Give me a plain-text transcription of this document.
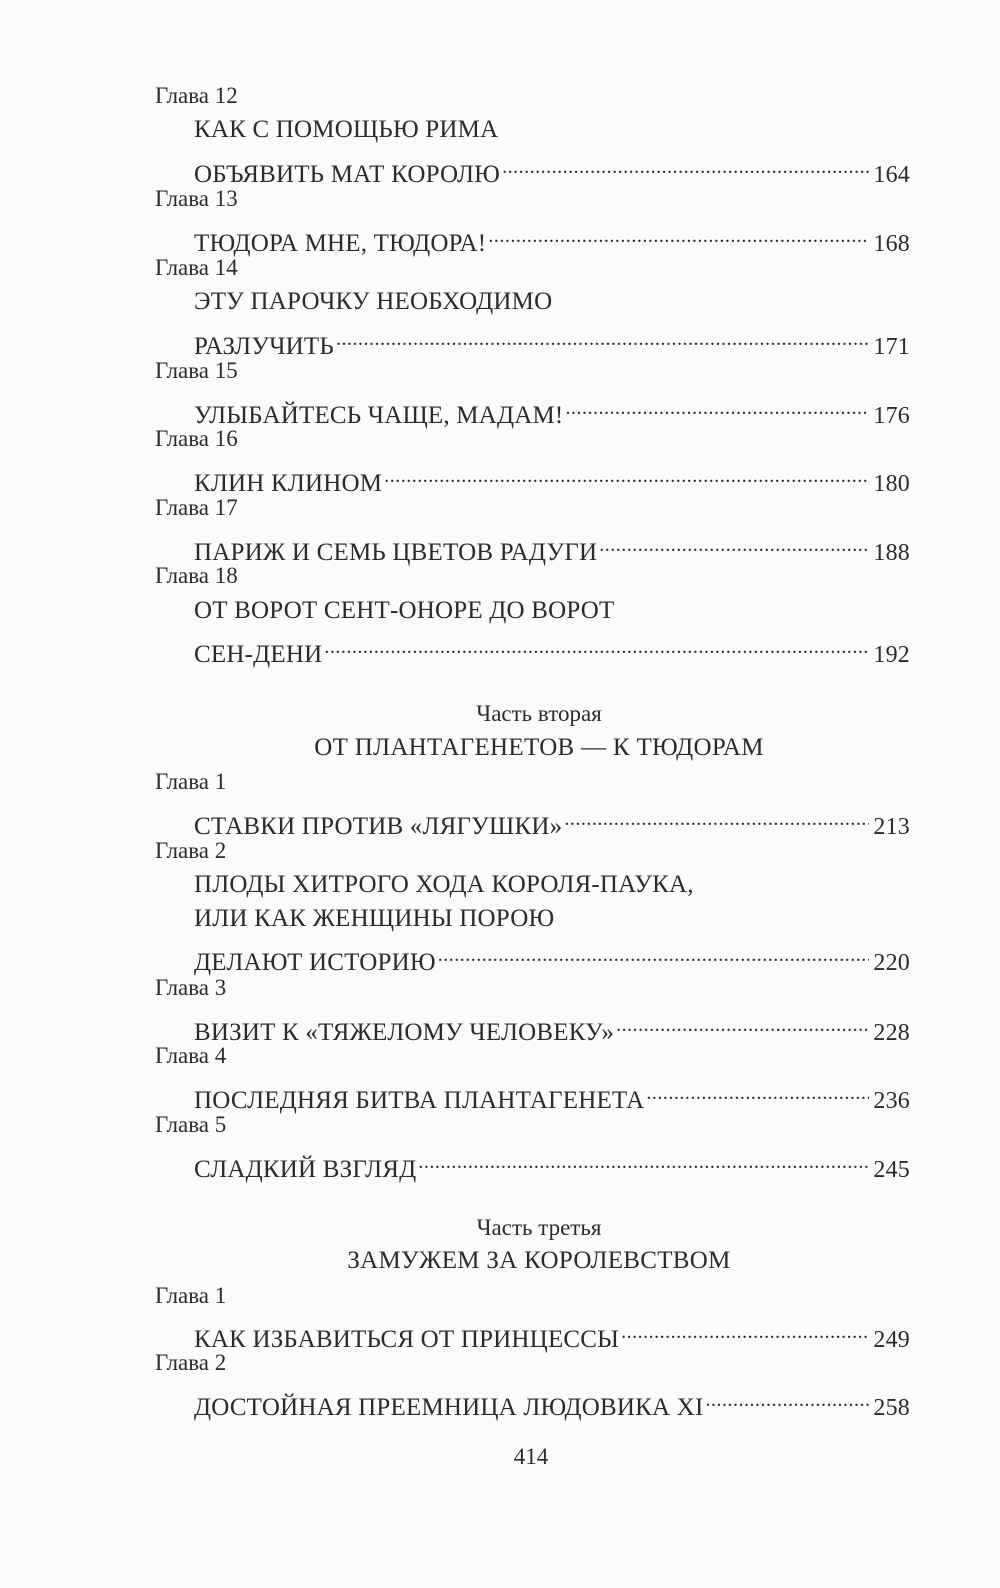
Глава 12
КАК С ПОМОЩЬЮ РИМА
ОБЪЯВИТЬ МАТ КОРОЛЮ .....	164
Глава 13
ТЮДОРА МНЕ, ТЮДОРА! .....	168
Глава 14
ЭТУ ПАРОЧКУ НЕОБХОДИМО
РАЗЛУЧИТЬ .....	171
Глава 15
УЛЫБАЙТЕСЬ ЧАЩЕ, МАДАМ! .....	176
Глава 16
КЛИН КЛИНОМ .....	180
Глава 17
ПАРИЖ И СЕМЬ ЦВЕТОВ РАДУГИ .....	188
Глава 18
ОТ ВОРОТ СЕНТ-ОНОРЕ ДО ВОРОТ
СЕН-ДЕНИ .....	192
Часть вторая
ОТ ПЛАНТАГЕНЕТОВ — К ТЮДОРАМ
Глава 1
СТАВКИ ПРОТИВ «ЛЯГУШКИ» .....	213
Глава 2
ПЛОДЫ ХИТРОГО ХОДА КОРОЛЯ-ПАУКА,
ИЛИ КАК ЖЕНЩИНЫ ПОРОЮ
ДЕЛАЮТ ИСТОРИЮ .....	220
Глава 3
ВИЗИТ К «ТЯЖЕЛОМУ ЧЕЛОВЕКУ» .....	228
Глава 4
ПОСЛЕДНЯЯ БИТВА ПЛАНТАГЕНЕТА .....	236
Глава 5
СЛАДКИЙ ВЗГЛЯД .....	245
Часть третья
ЗАМУЖЕМ ЗА КОРОЛЕВСТВОМ
Глава 1
КАК ИЗБАВИТЬСЯ ОТ ПРИНЦЕССЫ .....	249
Глава 2
ДОСТОЙНАЯ ПРЕЕМНИЦА ЛЮДОВИКА XI .....	258
414
